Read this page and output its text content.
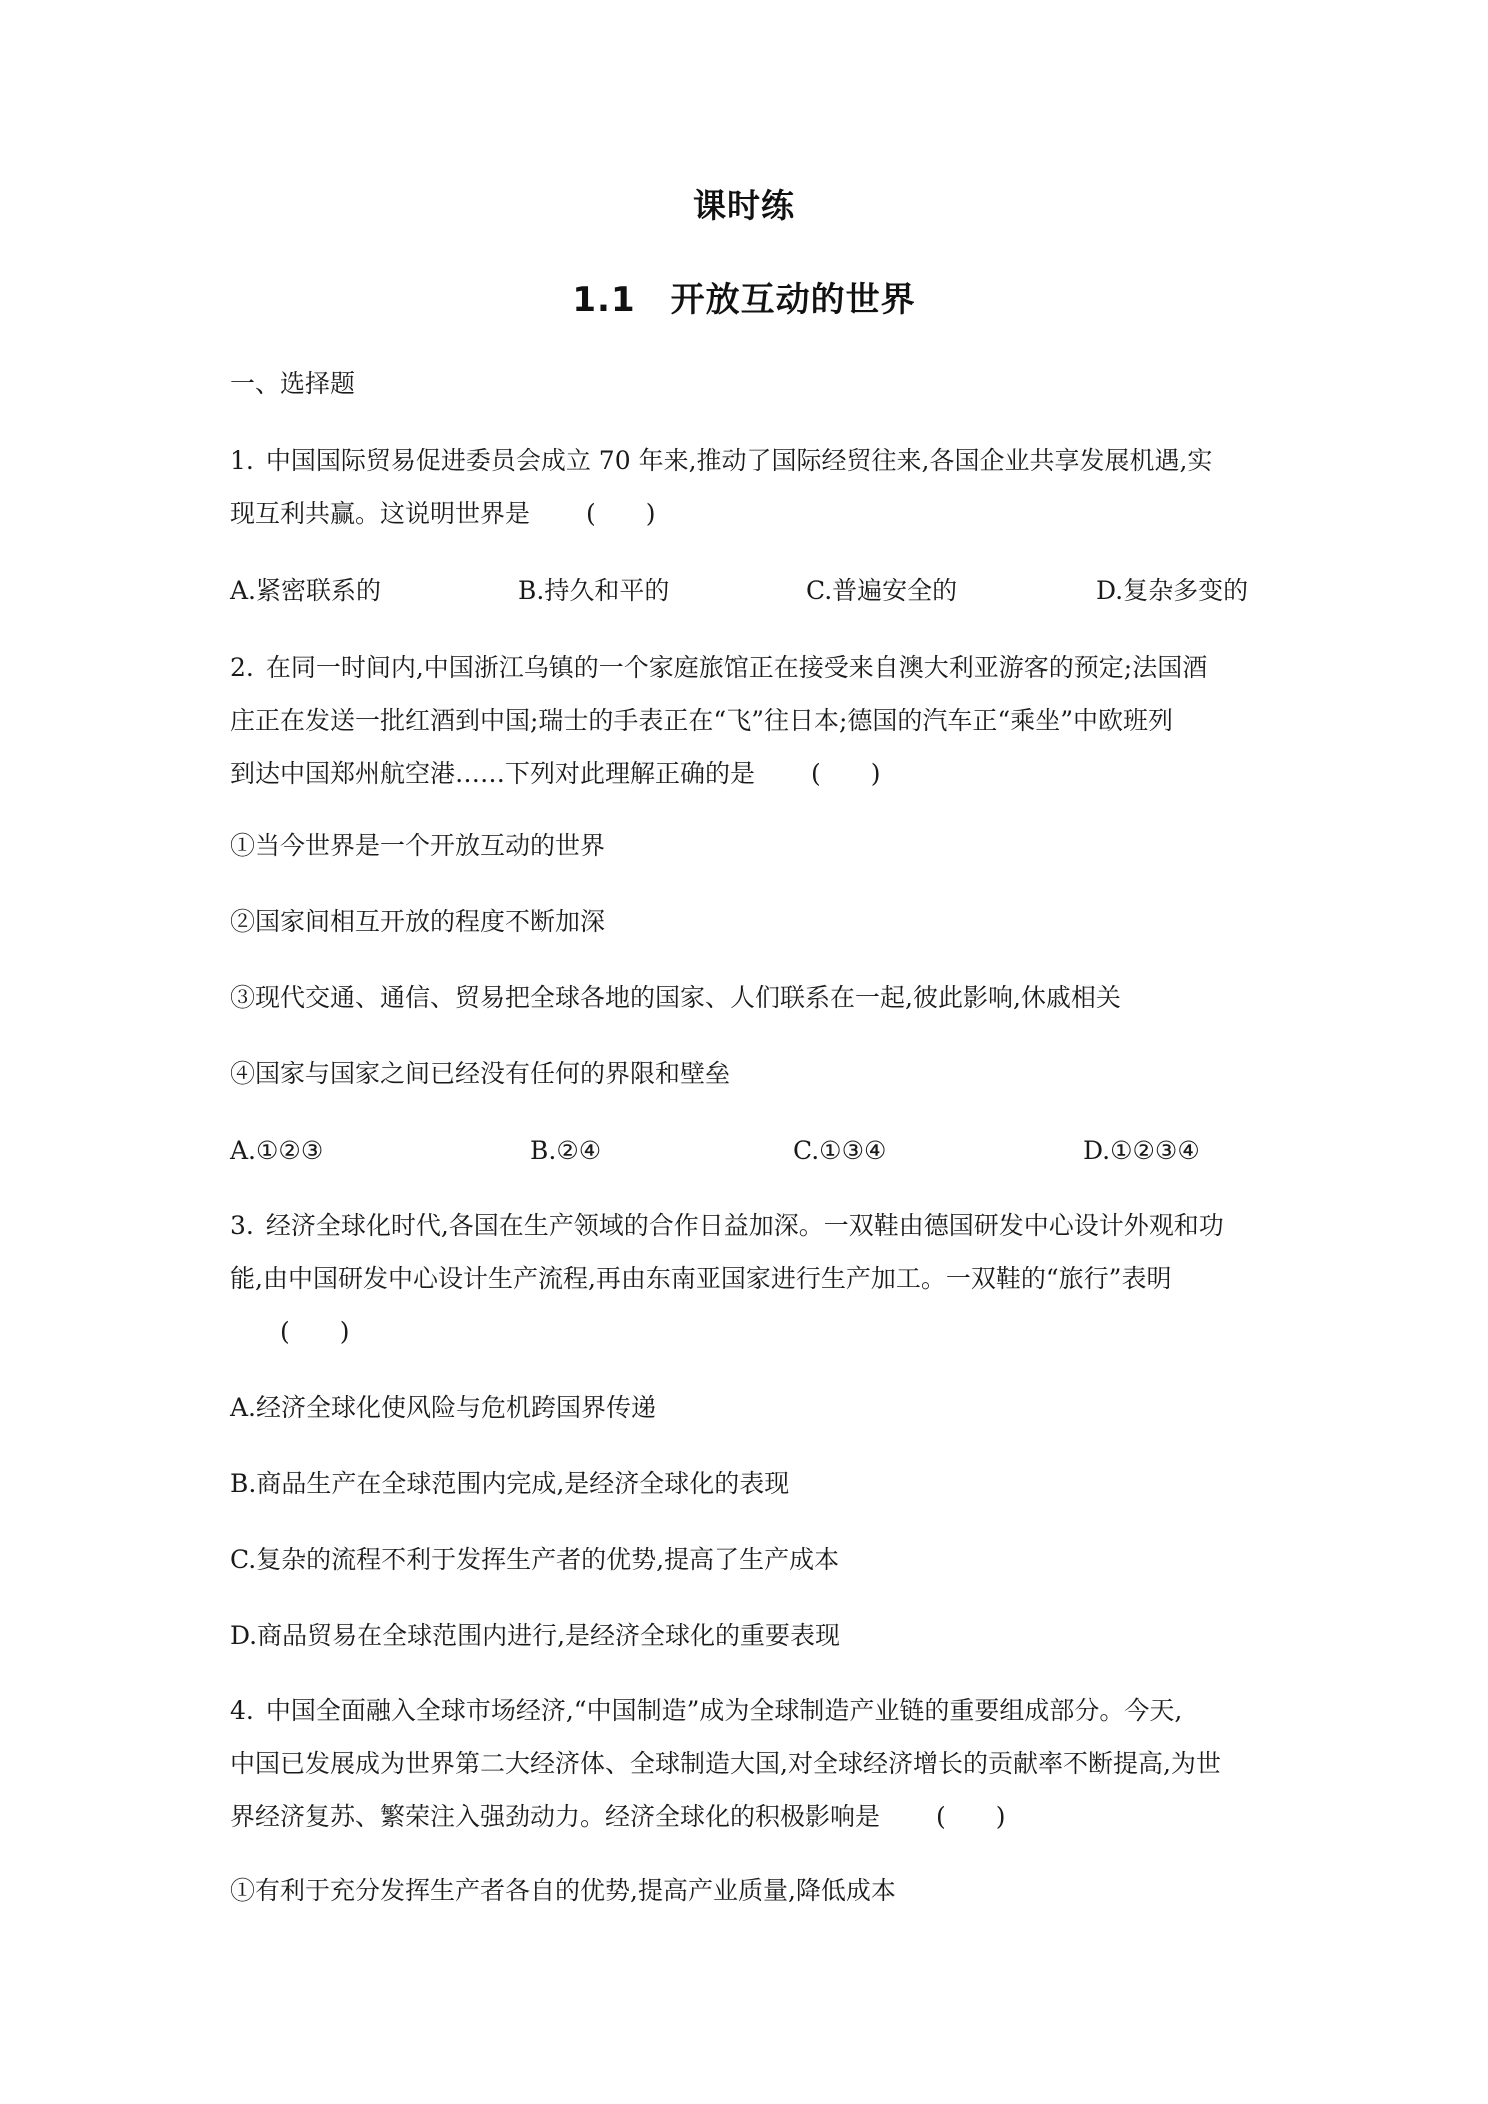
课时练
1.1　开放互动的世界
一、选择题
1. 中国国际贸易促进委员会成立 70 年来,推动了国际经贸往来,各国企业共享发展机遇,实
现互利共赢。这说明世界是 (　　)
A.紧密联系的	B.持久和平的	C.普遍安全的	D.复杂多变的
2. 在同一时间内,中国浙江乌镇的一个家庭旅馆正在接受来自澳大利亚游客的预定;法国酒
庄正在发送一批红酒到中国;瑞士的手表正在“飞”往日本;德国的汽车正“乘坐”中欧班列
到达中国郑州航空港……下列对此理解正确的是 (　　)
①当今世界是一个开放互动的世界
②国家间相互开放的程度不断加深
③现代交通、通信、贸易把全球各地的国家、人们联系在一起,彼此影响,休戚相关
④国家与国家之间已经没有任何的界限和壁垒
A.①②③	B.②④	C.①③④	D.①②③④
3. 经济全球化时代,各国在生产领域的合作日益加深。一双鞋由德国研发中心设计外观和功
能,由中国研发中心设计生产流程,再由东南亚国家进行生产加工。一双鞋的“旅行”表明
(　　)
A.经济全球化使风险与危机跨国界传递
B.商品生产在全球范围内完成,是经济全球化的表现
C.复杂的流程不利于发挥生产者的优势,提高了生产成本
D.商品贸易在全球范围内进行,是经济全球化的重要表现
4. 中国全面融入全球市场经济,“中国制造”成为全球制造产业链的重要组成部分。今天,
中国已发展成为世界第二大经济体、全球制造大国,对全球经济增长的贡献率不断提高,为世
界经济复苏、繁荣注入强劲动力。经济全球化的积极影响是 (　　)
①有利于充分发挥生产者各自的优势,提高产业质量,降低成本
